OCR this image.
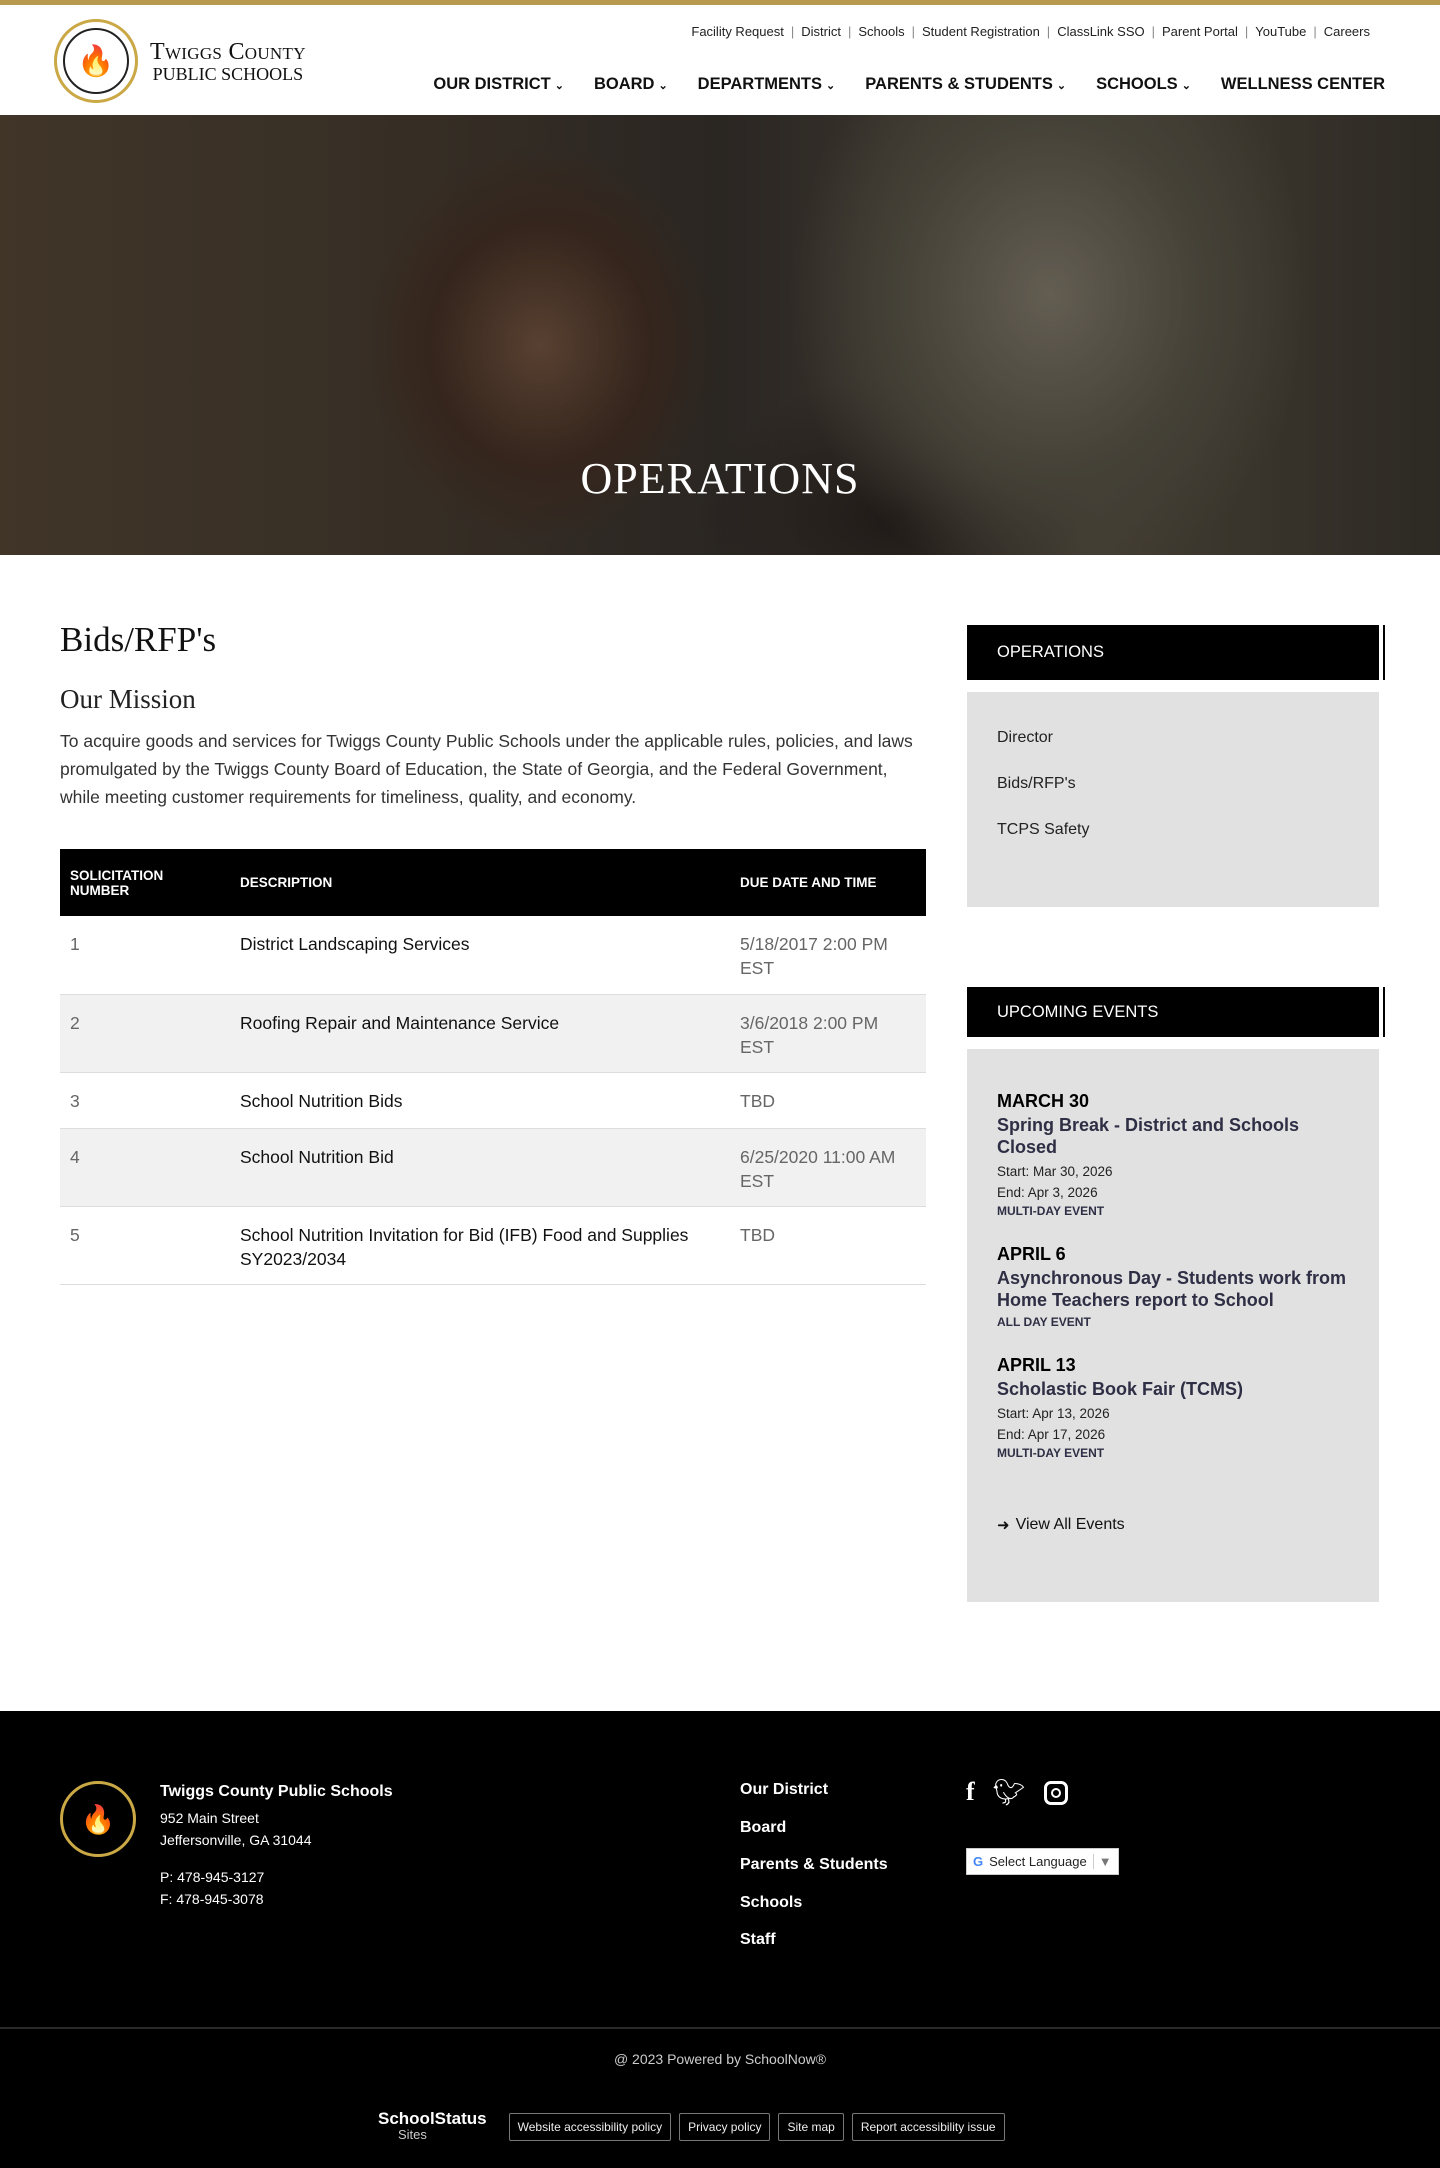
🔥	Twiggs County
PUBLIC SCHOOLS
Facility Request | District | Schools | Student Registration | ClassLink SSO | Parent Portal | YouTube | Careers
OUR DISTRICT ⌄ BOARD ⌄ DEPARTMENTS ⌄ PARENTS & STUDENTS ⌄ SCHOOLS ⌄ WELLNESS CENTER
OPERATIONS
Bids/RFP's
Our Mission

To acquire goods and services for Twiggs County Public Schools under the applicable rules, policies, and laws promulgated by the Twiggs County Board of Education, the State of Georgia, and the Federal Government, while meeting customer requirements for timeliness, quality, and economy.

SOLICITATION NUMBER	DESCRIPTION	DUE DATE AND TIME
1	District Landscaping Services	5/18/2017 2:00 PM EST
2	Roofing Repair and Maintenance Service	3/6/2018 2:00 PM EST
3	School Nutrition Bids	TBD
4	School Nutrition Bid	6/25/2020 11:00 AM EST
5	School Nutrition Invitation for Bid (IFB) Food and Supplies SY2023/2034	TBD
OPERATIONS
Director
Bids/RFP's
TCPS Safety
UPCOMING EVENTS
MARCH 30
Spring Break - District and Schools Closed
Start: Mar 30, 2026
End: Apr 3, 2026
MULTI-DAY EVENT
APRIL 6
Asynchronous Day - Students work from Home Teachers report to School
ALL DAY EVENT
APRIL 13
Scholastic Book Fair (TCMS)
Start: Apr 13, 2026
End: Apr 17, 2026
MULTI-DAY EVENT
➜ View All Events
🔥
Twiggs County Public Schools
952 Main Street
Jeffersonville, GA 31044
P: 478-945-3127
F: 478-945-3078
Our District
Board
Parents & Students
Schools
Staff
f 🐦︎
G Select Language ▼
@ 2023 Powered by SchoolNow®
SchoolStatus
Sites	Website accessibility policy	Privacy policy	Site map	Report accessibility issue
